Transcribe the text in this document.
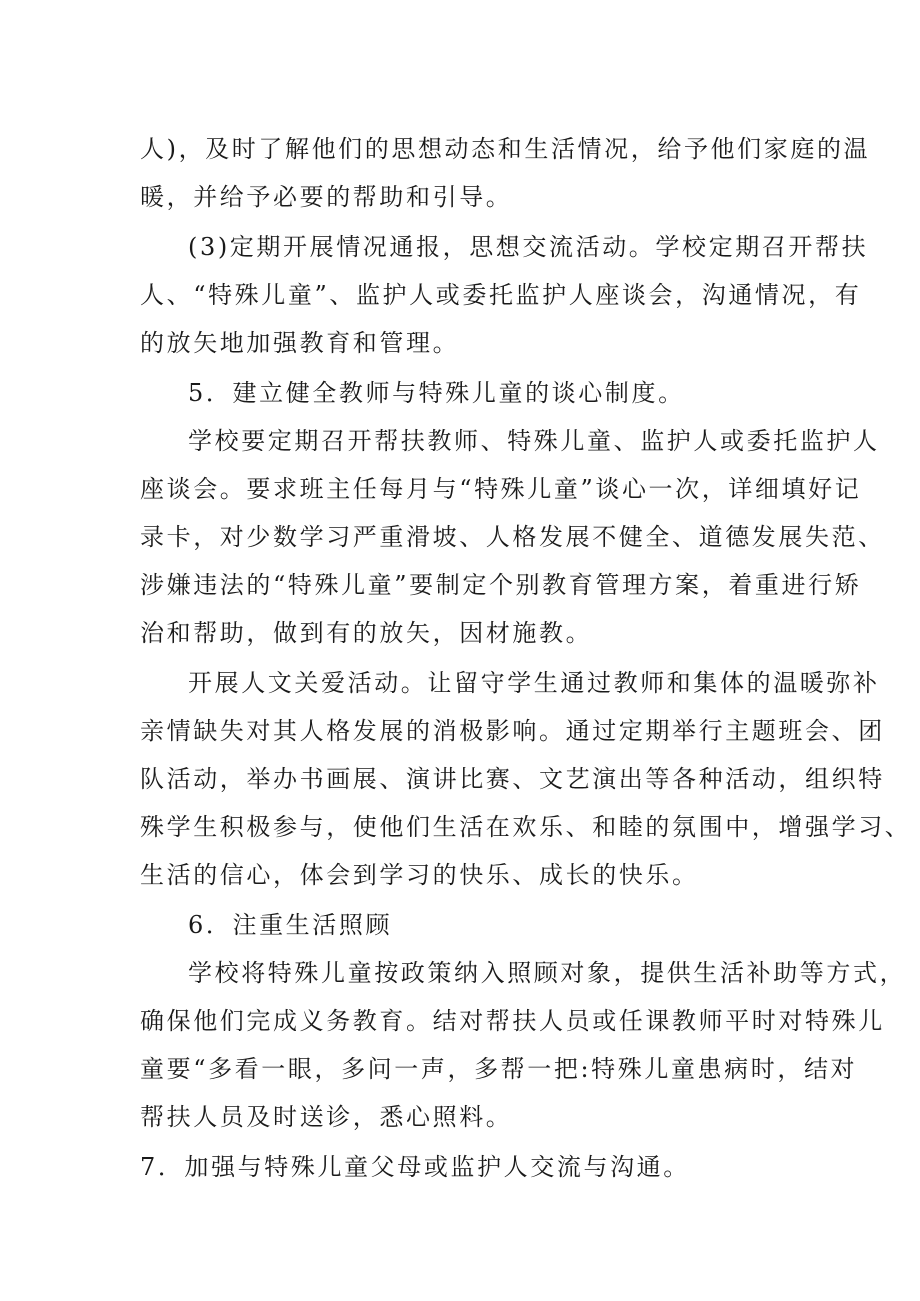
人)，及时了解他们的思想动态和生活情况，给予他们家庭的温
暖，并给予必要的帮助和引导。
(3)定期开展情况通报，思想交流活动。学校定期召开帮扶
人、“特殊儿童”、监护人或委托监护人座谈会，沟通情况，有
的放矢地加强教育和管理。
5．建立健全教师与特殊儿童的谈心制度。
学校要定期召开帮扶教师、特殊儿童、监护人或委托监护人
座谈会。要求班主任每月与“特殊儿童”谈心一次，详细填好记
录卡，对少数学习严重滑坡、人格发展不健全、道德发展失范、
涉嫌违法的“特殊儿童”要制定个别教育管理方案，着重进行矫
治和帮助，做到有的放矢，因材施教。
开展人文关爱活动。让留守学生通过教师和集体的温暖弥补
亲情缺失对其人格发展的消极影响。通过定期举行主题班会、团
队活动，举办书画展、演讲比赛、文艺演出等各种活动，组织特
殊学生积极参与，使他们生活在欢乐、和睦的氛围中，增强学习、
生活的信心，体会到学习的快乐、成长的快乐。
6．注重生活照顾
学校将特殊儿童按政策纳入照顾对象，提供生活补助等方式，
确保他们完成义务教育。结对帮扶人员或任课教师平时对特殊儿
童要“多看一眼，多问一声，多帮一把:特殊儿童患病时，结对
帮扶人员及时送诊，悉心照料。
7．加强与特殊儿童父母或监护人交流与沟通。
